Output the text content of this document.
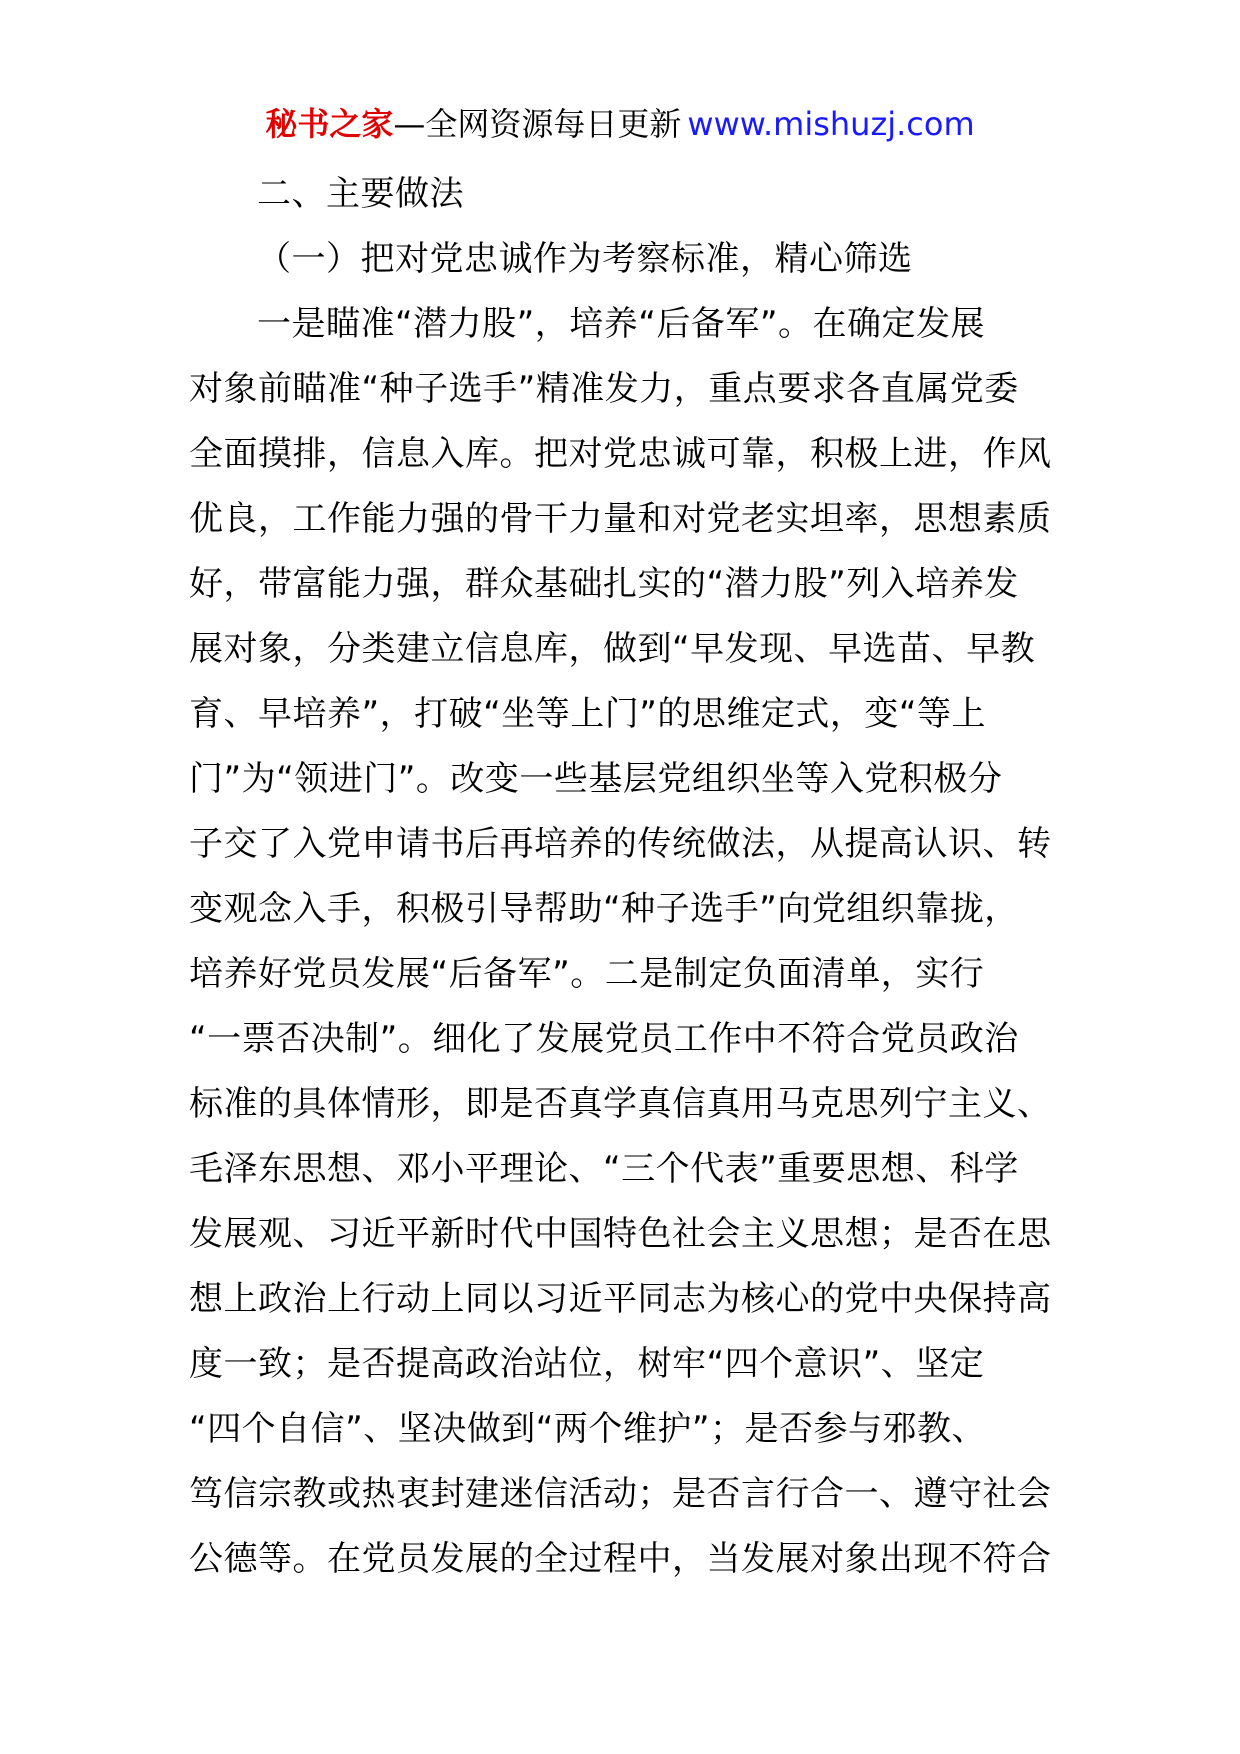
秘书之家—全网资源每日更新 www.mishuzj.com
二、主要做法
（一）把对党忠诚作为考察标准，精心筛选
一是瞄准“潜力股”，培养“后备军”。在确定发展
对象前瞄准“种子选手”精准发力，重点要求各直属党委
全面摸排，信息入库。把对党忠诚可靠，积极上进，作风
优良，工作能力强的骨干力量和对党老实坦率，思想素质
好，带富能力强，群众基础扎实的“潜力股”列入培养发
展对象，分类建立信息库，做到“早发现、早选苗、早教
育、早培养”，打破“坐等上门”的思维定式，变“等上
门”为“领进门”。改变一些基层党组织坐等入党积极分
子交了入党申请书后再培养的传统做法，从提高认识、转
变观念入手，积极引导帮助“种子选手”向党组织靠拢，
培养好党员发展“后备军”。二是制定负面清单，实行
“一票否决制”。细化了发展党员工作中不符合党员政治
标准的具体情形，即是否真学真信真用马克思列宁主义、
毛泽东思想、邓小平理论、“三个代表”重要思想、科学
发展观、习近平新时代中国特色社会主义思想；是否在思
想上政治上行动上同以习近平同志为核心的党中央保持高
度一致；是否提高政治站位，树牢“四个意识”、坚定
“四个自信”、坚决做到“两个维护”；是否参与邪教、
笃信宗教或热衷封建迷信活动；是否言行合一、遵守社会
公德等。在党员发展的全过程中，当发展对象出现不符合
